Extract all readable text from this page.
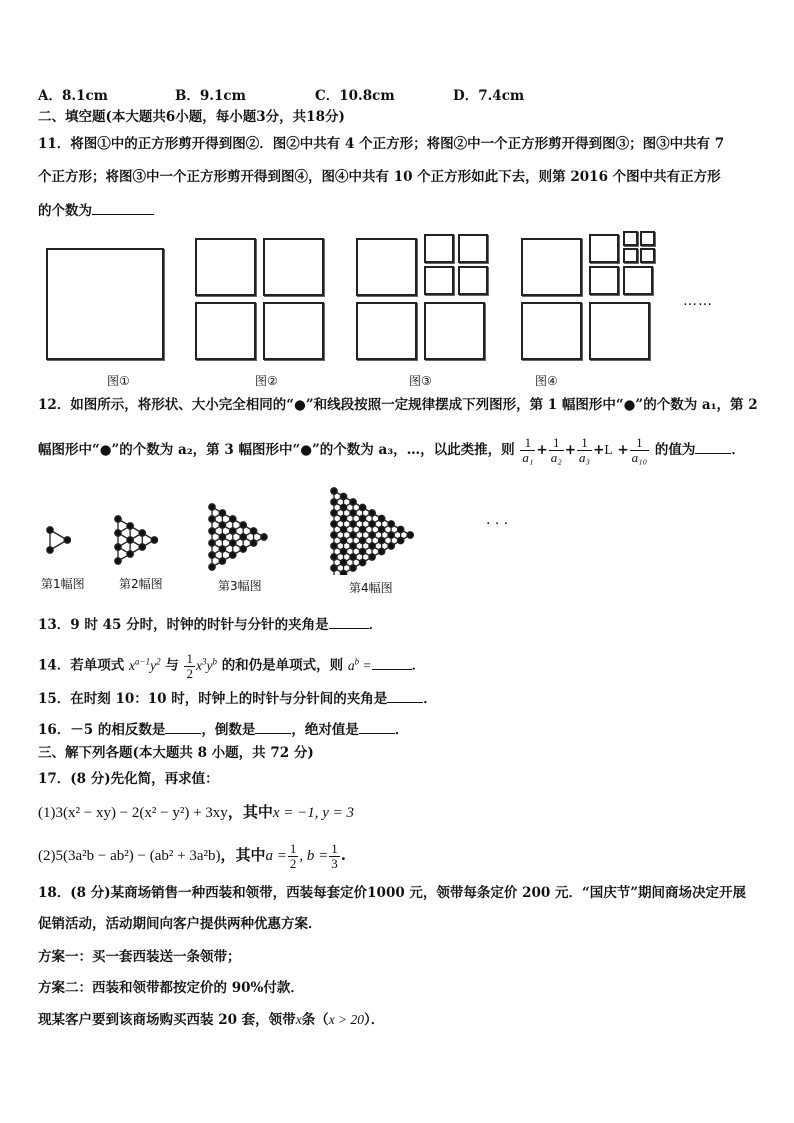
A．8.1cm	B．9.1cm	C．10.8cm	D．7.4cm
二、填空题(本大题共6小题，每小题3分，共18分)
11．将图①中的正方形剪开得到图②．图②中共有 4 个正方形；将图②中一个正方形剪开得到图③；图③中共有 7
个正方形；将图③中一个正方形剪开得到图④，图④中共有 10 个正方形如此下去，则第 2016 个图中共有正方形
的个数为
……
图①	图②	图③	图④
12．如图所示，将形状、大小完全相同的“●”和线段按照一定规律摆成下列图形，第 1 幅图形中“●”的个数为 a₁，第 2
幅图形中“●”的个数为 a₂，第 3 幅图形中“●”的个数为 a₃，…，以此类推，则 $\frac{1}{\text{a₁}} + \frac{1}{\text{a₂}} + \frac{1}{\text{a₃}} +L + \frac{1}{\text{a₁₀}}$ 的值为	．
· · ·
第1幅图	第2幅图	第3幅图	第4幅图
13．9 时 45 分时，时钟的时针与分针的夹角是	．
14．若单项式 $x^{a-1}y^2$ 与 $\frac{1}{2} x^3y^b$ 的和仍是单项式，则 $a^b$ =	．
15．在时刻 10：10 时，时钟上的时针与分针间的夹角是	．
16．－5 的相反数是	，倒数是	，绝对值是	．
三、解下列各题(本大题共 8 小题，共 72 分)
17．(8 分)先化简，再求值：
(1)3(x² − xy) − 2(x² − y²) + 3xy，其中x = −1, y = 3
(2)5(3a²b − ab²) − (ab² + 3a²b)，其中$a = \frac{1}{2}$ , $b = \frac{1}{3}$ .
18．(8 分)某商场销售一种西装和领带，西装每套定价1000 元，领带每条定价 200 元．“国庆节”期间商场决定开展
促销活动，活动期间向客户提供两种优惠方案．
方案一：买一套西装送一条领带；
方案二：西装和领带都按定价的 90%付款．
现某客户要到该商场购买西装 20 套，领带x条（x > 20）．
